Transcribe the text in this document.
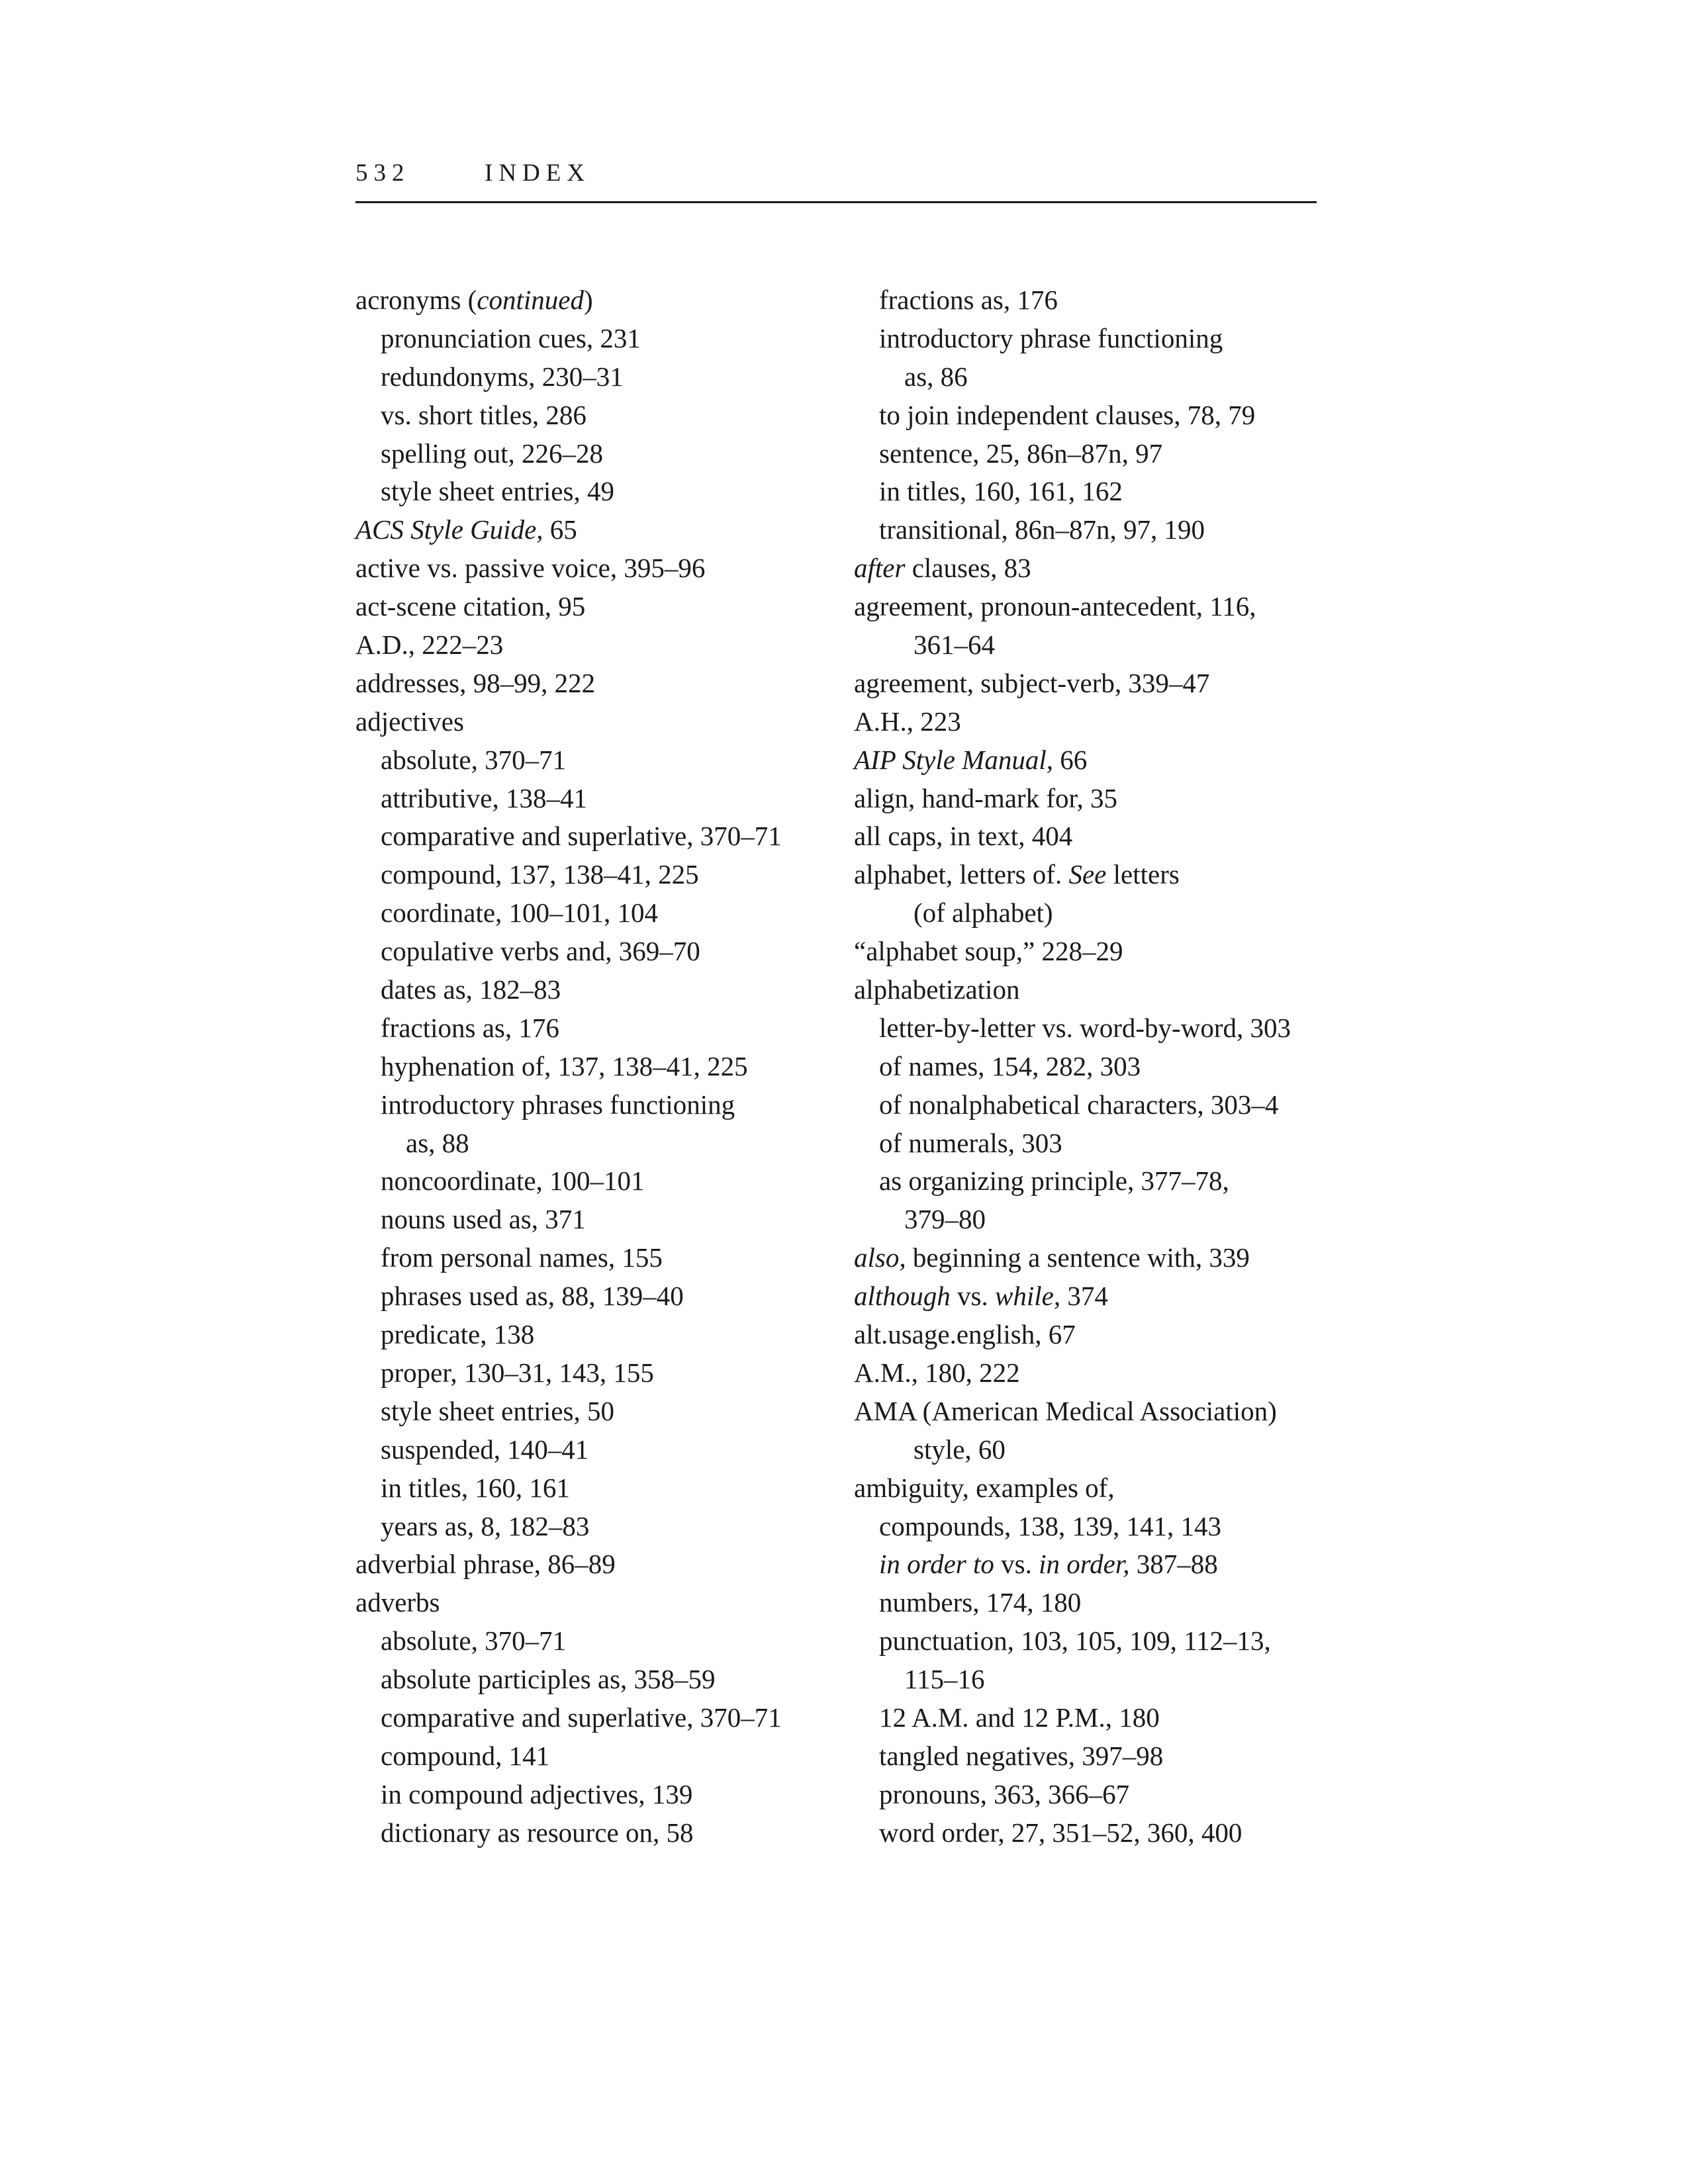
532	INDEX
acronyms (continued)
pronunciation cues, 231
redundonyms, 230–31
vs. short titles, 286
spelling out, 226–28
style sheet entries, 49
ACS Style Guide, 65
active vs. passive voice, 395–96
act-scene citation, 95
A.D., 222–23
addresses, 98–99, 222
adjectives
absolute, 370–71
attributive, 138–41
comparative and superlative, 370–71
compound, 137, 138–41, 225
coordinate, 100–101, 104
copulative verbs and, 369–70
dates as, 182–83
fractions as, 176
hyphenation of, 137, 138–41, 225
introductory phrases functioning
as, 88
noncoordinate, 100–101
nouns used as, 371
from personal names, 155
phrases used as, 88, 139–40
predicate, 138
proper, 130–31, 143, 155
style sheet entries, 50
suspended, 140–41
in titles, 160, 161
years as, 8, 182–83
adverbial phrase, 86–89
adverbs
absolute, 370–71
absolute participles as, 358–59
comparative and superlative, 370–71
compound, 141
in compound adjectives, 139
dictionary as resource on, 58
fractions as, 176
introductory phrase functioning
as, 86
to join independent clauses, 78, 79
sentence, 25, 86n–87n, 97
in titles, 160, 161, 162
transitional, 86n–87n, 97, 190
after clauses, 83
agreement, pronoun-antecedent, 116,
361–64
agreement, subject-verb, 339–47
A.H., 223
AIP Style Manual, 66
align, hand-mark for, 35
all caps, in text, 404
alphabet, letters of. See letters
(of alphabet)
“alphabet soup,” 228–29
alphabetization
letter-by-letter vs. word-by-word, 303
of names, 154, 282, 303
of nonalphabetical characters, 303–4
of numerals, 303
as organizing principle, 377–78,
379–80
also, beginning a sentence with, 339
although vs. while, 374
alt.usage.english, 67
A.M., 180, 222
AMA (American Medical Association)
style, 60
ambiguity, examples of,
compounds, 138, 139, 141, 143
in order to vs. in order, 387–88
numbers, 174, 180
punctuation, 103, 105, 109, 112–13,
115–16
12 A.M. and 12 P.M., 180
tangled negatives, 397–98
pronouns, 363, 366–67
word order, 27, 351–52, 360, 400
